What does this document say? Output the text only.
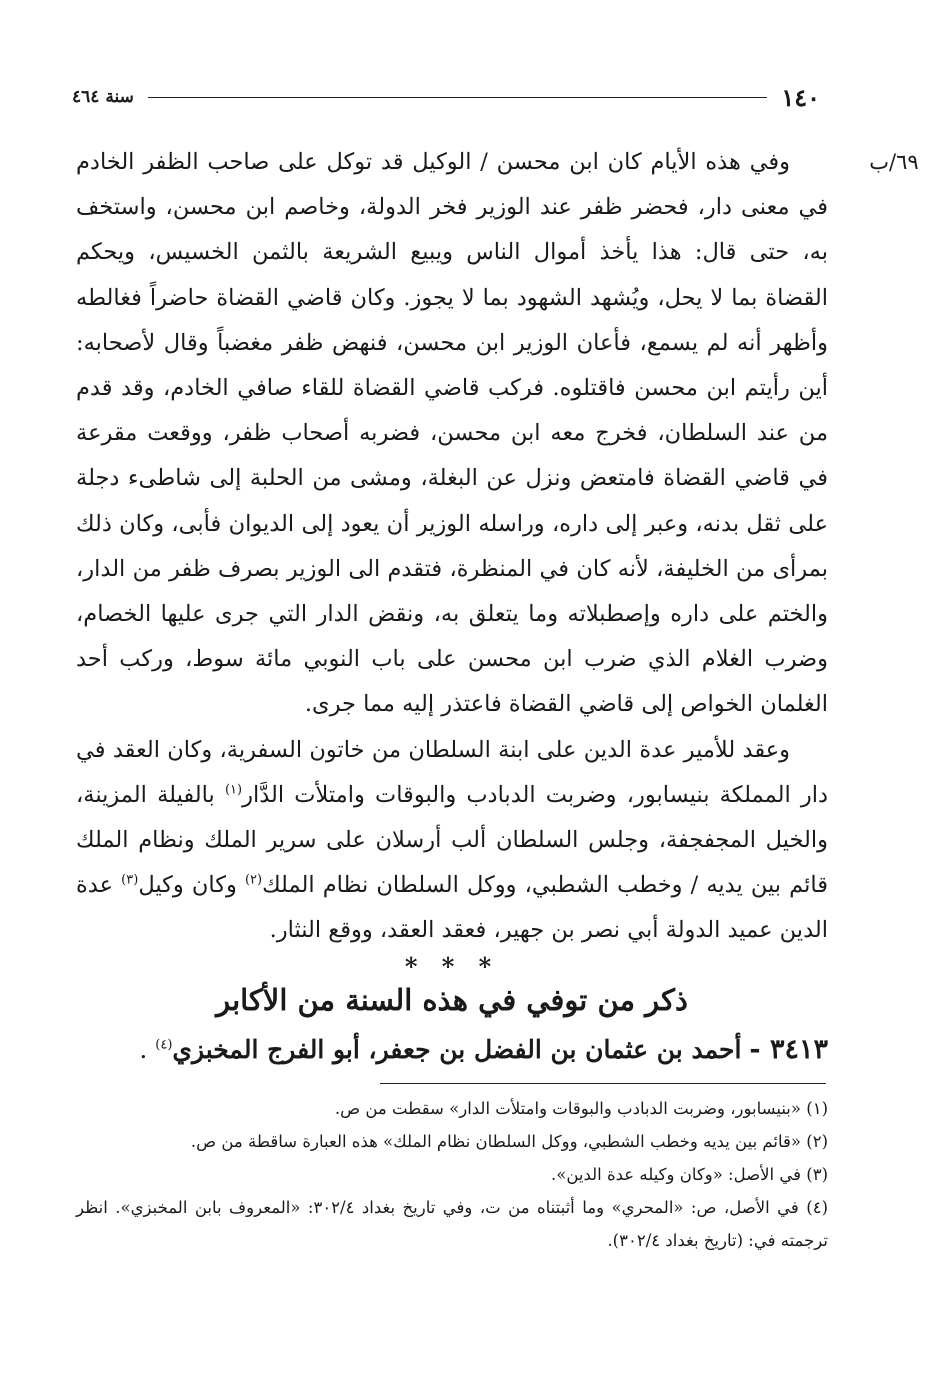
١٤٠
سنة ٤٦٤
٦٩/ب

وفي هذه الأيام كان ابن محسن / الوكيل قد توكل على صاحب الظفر الخادم في معنى دار، فحضر ظفر عند الوزير فخر الدولة، وخاصم ابن محسن، واستخف به، حتى قال: هذا يأخذ أموال الناس ويبيع الشريعة بالثمن الخسيس، ويحكم القضاة بما لا يحل، ويُشهد الشهود بما لا يجوز. وكان قاضي القضاة حاضراً فغالطه وأظهر أنه لم يسمع، فأعان الوزير ابن محسن، فنهض ظفر مغضباً وقال لأصحابه: أين رأيتم ابن محسن فاقتلوه. فركب قاضي القضاة للقاء صافي الخادم، وقد قدم من عند السلطان، فخرج معه ابن محسن، فضربه أصحاب ظفر، ووقعت مقرعة في قاضي القضاة فامتعض ونزل عن البغلة، ومشى من الحلبة إلى شاطىء دجلة على ثقل بدنه، وعبر إلى داره، وراسله الوزير أن يعود إلى الديوان فأبى، وكان ذلك بمرأى من الخليفة، لأنه كان في المنظرة، فتقدم الى الوزير بصرف ظفر من الدار، والختم على داره وإصطبلاته وما يتعلق به، ونقض الدار التي جرى عليها الخصام، وضرب الغلام الذي ضرب ابن محسن على باب النوبي مائة سوط، وركب أحد الغلمان الخواص إلى قاضي القضاة فاعتذر إليه مما جرى.

وعقد للأمير عدة الدين على ابنة السلطان من خاتون السفرية، وكان العقد في دار المملكة بنيسابور، وضربت الدبادب والبوقات وامتلأت الدَّار$^{(١)}$ بالفيلة المزينة، والخيل المجفجفة، وجلس السلطان ألب أرسلان على سرير الملك ونظام الملك قائم بين يديه / وخطب الشطبي، ووكل السلطان نظام الملك$^{(٢)}$ وكان وكيل$^{(٣)}$ عدة الدين عميد الدولة أبي نصر بن جهير، فعقد العقد، ووقع النثار.

* * *
ذكر من توفي في هذه السنة من الأكابر
٣٤١٣ - أحمد بن عثمان بن الفضل بن جعفر، أبو الفرج المخبزي$^{(٤)}$ .

(١) «بنيسابور، وضربت الدبادب والبوقات وامتلأت الدار» سقطت من ص.

(٢) «قائم بين يديه وخطب الشطبي، ووكل السلطان نظام الملك» هذه العبارة ساقطة من ص.

(٣) في الأصل: «وكان وكيله عدة الدين».

(٤) في الأصل، ص: «المحري» وما أثبتناه من ت، وفي تاريخ بغداد ٣٠٢/٤: «المعروف بابن المخبزي». انظر ترجمته في: (تاريخ بغداد ٣٠٢/٤).
